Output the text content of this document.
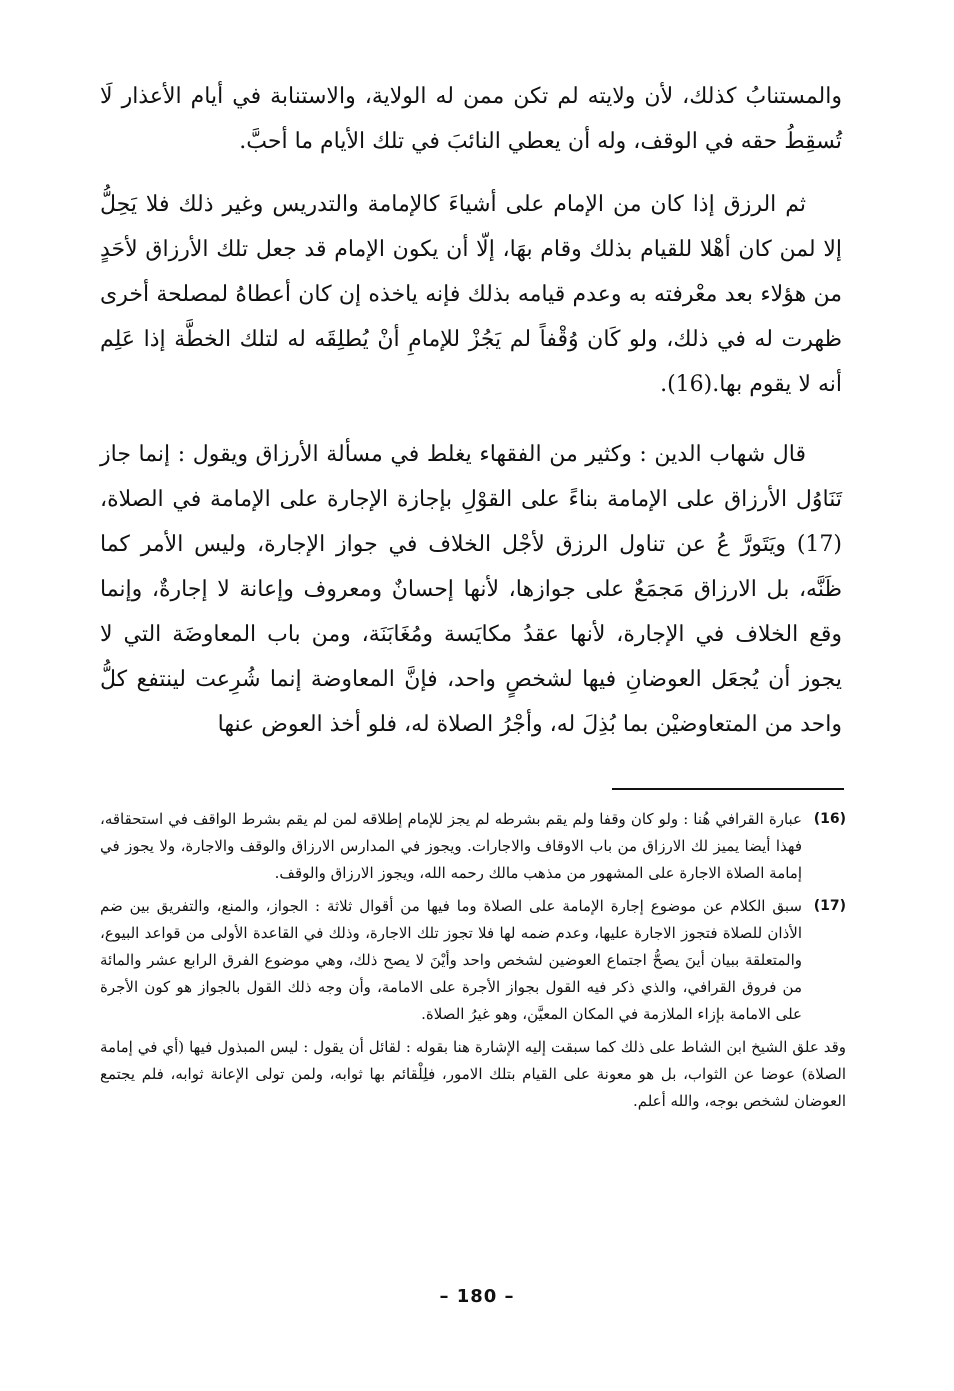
والمستنابُ كذلك، لأن ولايته لم تكن ممن له الولاية، والاستنابة في أيام الأعذار لَا تُسقِطُ حقه في الوقف، وله أن يعطي النائبَ في تلك الأيام ما أحبَّ.

ثم الرزق إذا كان من الإمام على أشياءَ كالإمامة والتدريس وغير ذلك فلا يَحِلُّ إلا لمن كان أهْلا للقيام بذلك وقام بهَا، إلّا أن يكون الإمام قد جعل تلك الأرزاق لأحَدٍ من هؤلاء بعد معْرفته به وعدم قيامه بذلك فإنه ياخذه إن كان أعطاهُ لمصلحة أخرى ظهرت له في ذلك، ولو كَان وُقْفاً لم يَجُزْ للإمامِ أنْ يُطلِقَه له لتلك الخطَّة إذا عَلِم أنه لا يقوم بها.(16).

قال شهاب الدين : وكثير من الفقهاء يغلط في مسألة الأرزاق ويقول : إنما جاز تَنَاوُل الأرزاق على الإمامة بناءً على القوْلِ بإجازة الإجارة على الإمامة في الصلاة،(17) ويَتَورَّ عُ عن تناول الرزق لأجْل الخلاف في جواز الإجارة، وليس الأمر كما ظَنَّه، بل الارزاق مَجمَعٌ على جوازها، لأنها إحسانٌ ومعروف وإعانة لا إجارةٌ، وإنما وقع الخلاف في الإجارة، لأنها عقدُ مكايَسة ومُغَابَنَة، ومن باب المعاوضَة التي لا يجوز أن يُجعَل العوضانِ فيها لشخصٍ واحد، فإنَّ المعاوضة إنما شُرِعت لينتفع كلُّ واحد من المتعاوضيْن بما بُذِلَ له، وأجْرُ الصلاة له، فلو أخذ العوض عنها

(16)
عبارة القرافي هُنا : ولو كان وقفا ولم يقم بشرطه لم يجز للإمام إطلاقه لمن لم يقم بشرط الواقف في استحقاقه، فهذا أيضا يميز لك الارزاق من باب الاوقاف والاجارات. ويجوز في المدارس الارزاق والوقف والاجارة، ولا يجوز في إمامة الصلاة الاجارة على المشهور من مذهب مالك رحمه الله، ويجوز الارزاق والوقف.
(17)
سبق الكلام عن موضوع إجارة الإمامة على الصلاة وما فيها من أقوال ثلاثة : الجواز، والمنع، والتفريق بين ضم الأذان للصلاة فتجوز الاجارة عليها، وعدم ضمه لها فلا تجوز تلك الاجارة، وذلك في القاعدة الأولى من قواعد البيوع، والمتعلقة ببيان أينَ يصحُّ اجتماع العوضين لشخص واحد وأيْنَ لا يصح ذلك، وهي موضوع الفرق الرابع عشر والمائة من فروق القرافي، والذي ذكر فيه القول بجواز الأجرة على الامامة، وأن وجه ذلك القول بالجواز هو كون الأجرة على الامامة بإزاء الملازمة في المكان المعيَّن، وهو غيرُ الصلاة.

وقد علق الشيخ ابن الشاط على ذلك كما سبقت إليه الإشارة هنا بقوله : لقائل أن يقول : ليس المبذول فيها (أي في إمامة الصلاة) عوضا عن الثواب، بل هو معونة على القيام بتلك الامور، فلِلْقائم بها ثوابه، ولمن تولى الإعانة ثوابه، فلم يجتمع العوضان لشخص بوجه، والله أعلم.

– 180 –
